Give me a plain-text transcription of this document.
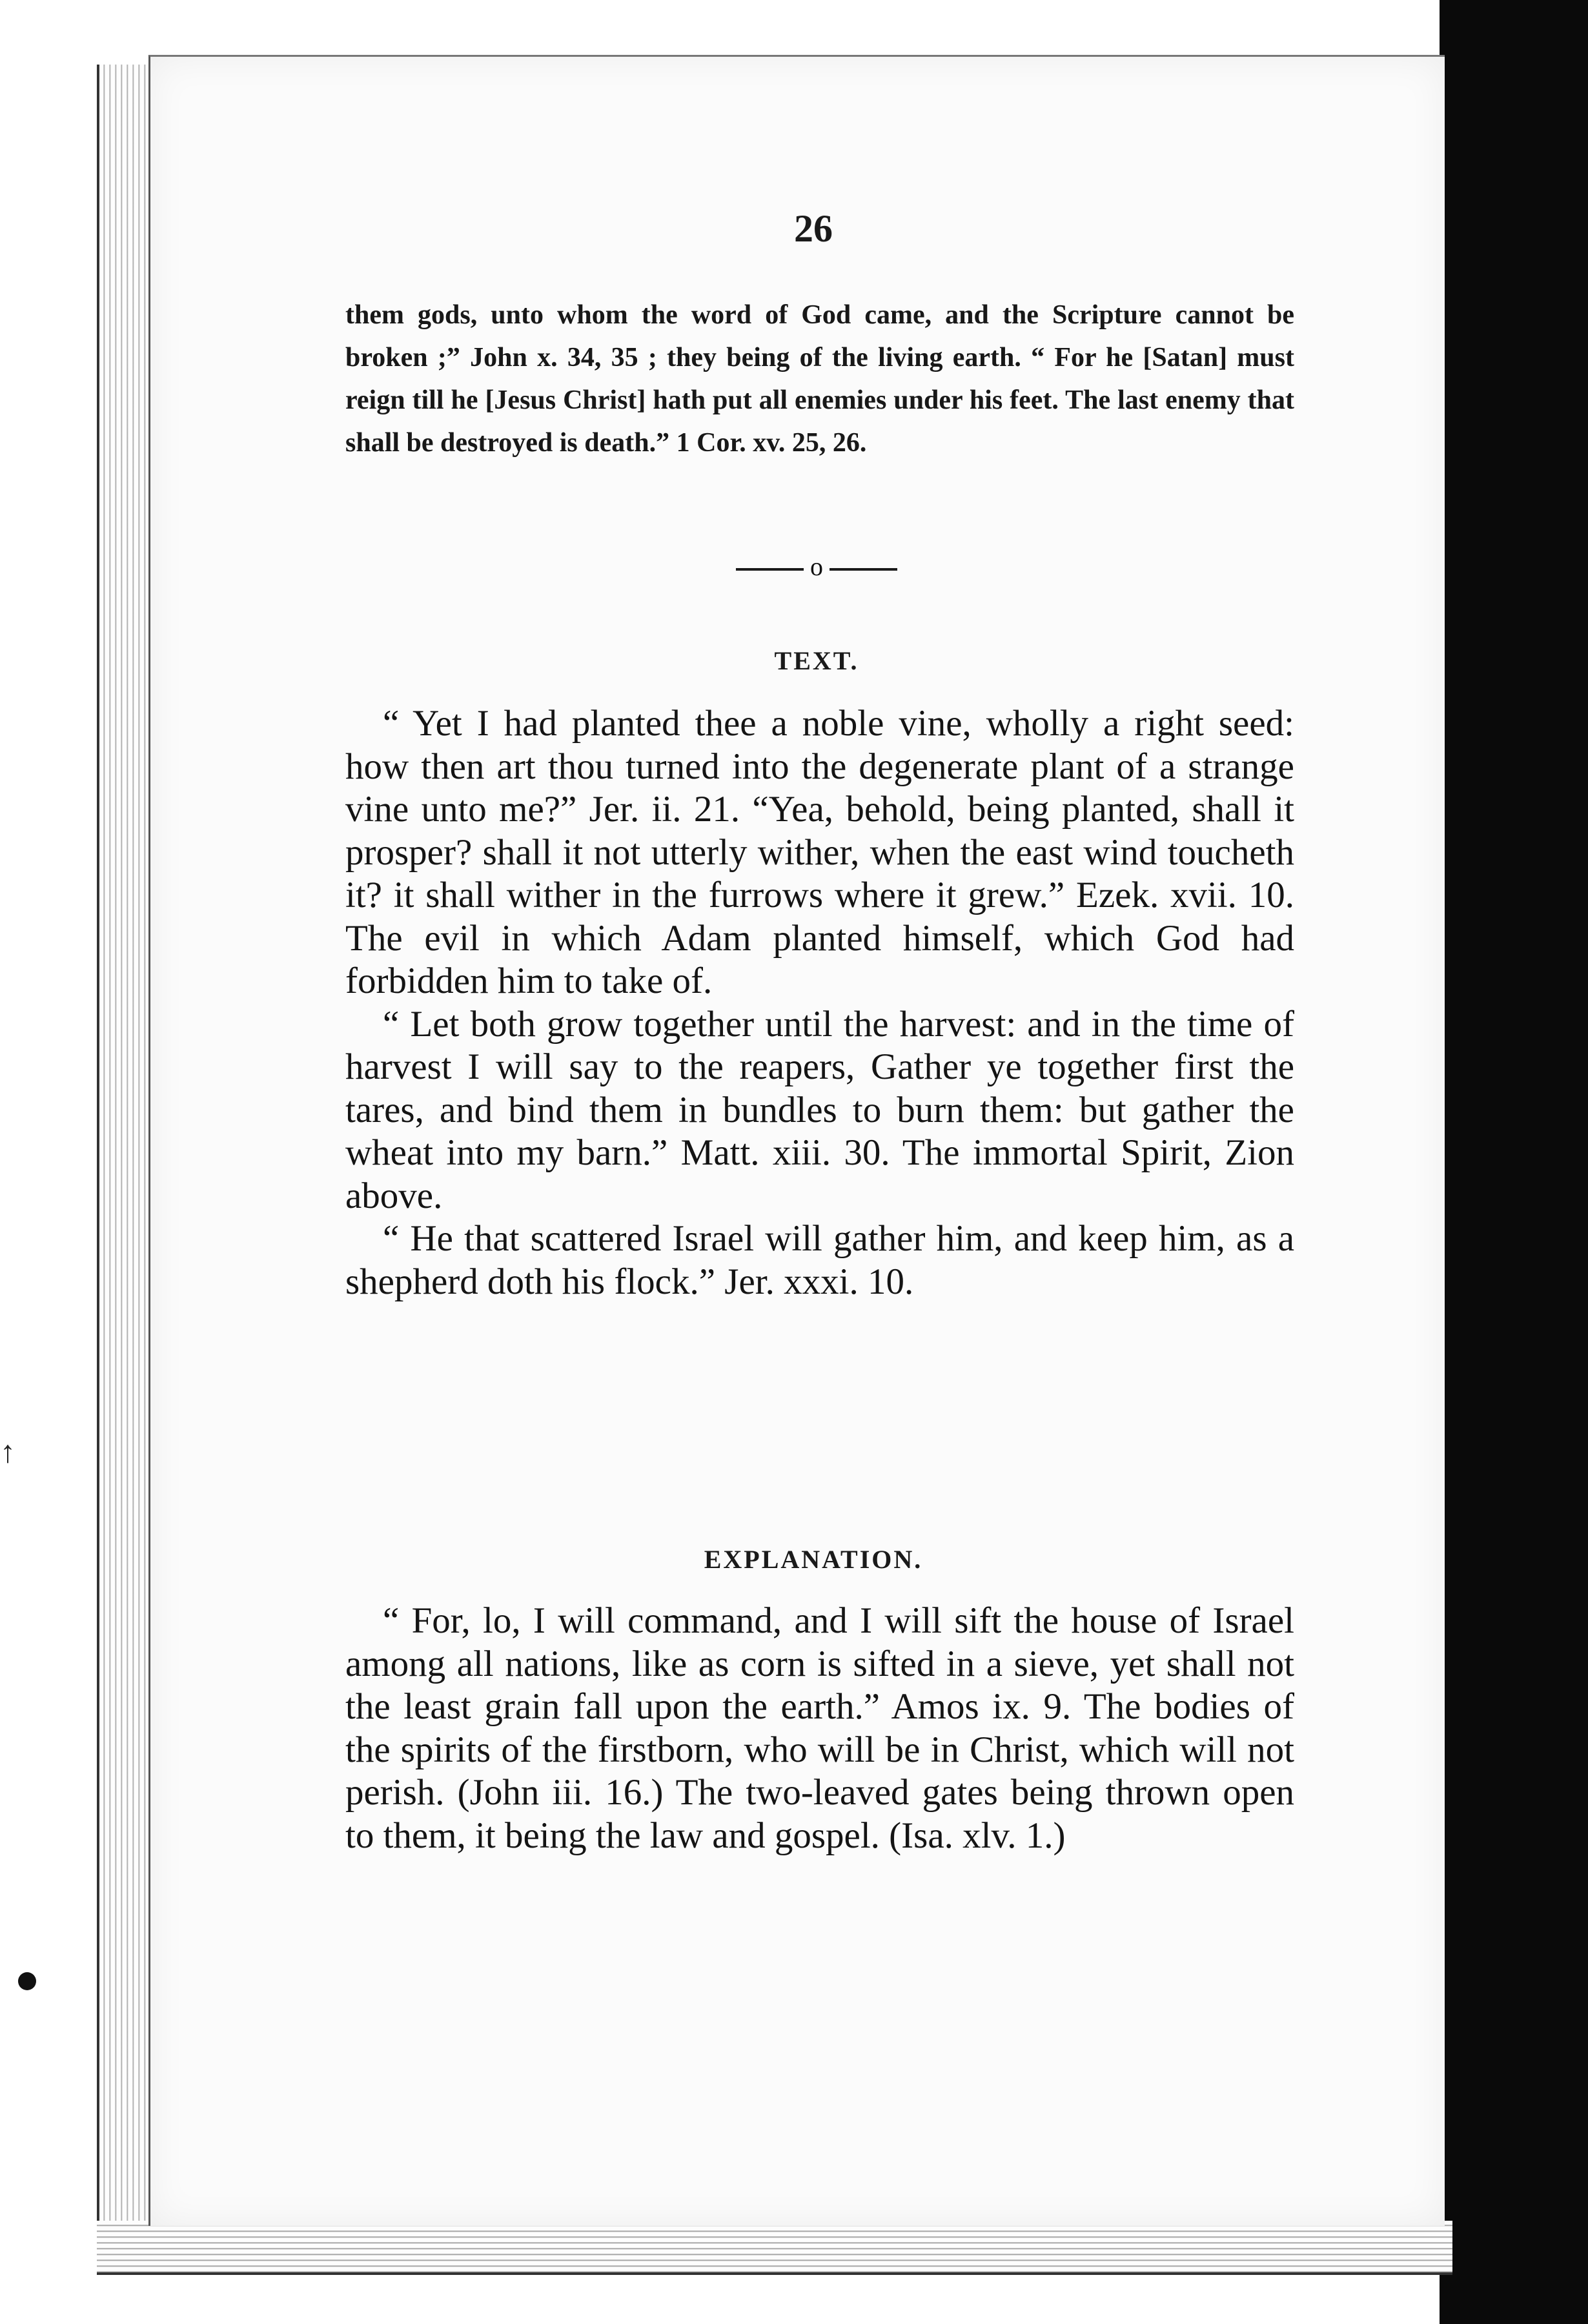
↑
26
them gods, unto whom the word of God came, and the Scripture cannot be broken ;” John x. 34, 35 ; they being of the living earth. “ For he [Satan] must reign till he [Jesus Christ] hath put all enemies under his feet. The last enemy that shall be destroyed is death.” 1 Cor. xv. 25, 26.
o
TEXT.

“ Yet I had planted thee a noble vine, wholly a right seed: how then art thou turned into the degenerate plant of a strange vine unto me?” Jer. ii. 21. “Yea, behold, being planted, shall it prosper? shall it not utterly wither, when the east wind toucheth it? it shall wither in the furrows where it grew.” Ezek. xvii. 10. The evil in which Adam planted himself, which God had forbidden him to take of.

“ Let both grow together until the harvest: and in the time of harvest I will say to the reapers, Gather ye together first the tares, and bind them in bundles to burn them: but gather the wheat into my barn.” Matt. xiii. 30. The immortal Spirit, Zion above.

“ He that scattered Israel will gather him, and keep him, as a shepherd doth his flock.” Jer. xxxi. 10.

EXPLANATION.

“ For, lo, I will command, and I will sift the house of Israel among all nations, like as corn is sifted in a sieve, yet shall not the least grain fall upon the earth.” Amos ix. 9. The bodies of the spirits of the firstborn, who will be in Christ, which will not perish. (John iii. 16.) The two-leaved gates being thrown open to them, it being the law and gospel. (Isa. xlv. 1.)
